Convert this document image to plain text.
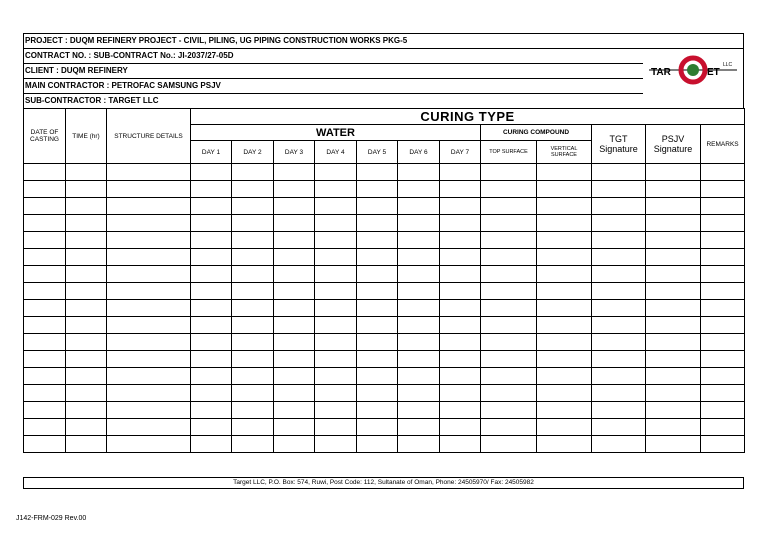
PROJECT : DUQM REFINERY PROJECT - CIVIL, PILING, UG PIPING CONSTRUCTION WORKS PKG-5
CONTRACT NO. : SUB-CONTRACT No.: JI-2037/27-05D
CLIENT : DUQM REFINERY
MAIN CONTRACTOR : PETROFAC SAMSUNG PSJV
SUB-CONTRACTOR : TARGET LLC
TAR	ET
LLC
DATE OF CASTING	TIME (hr)	STRUCTURE DETAILS	CURING TYPE											
			WATER							CURING COMPOUND		TGT Signature	PSJV Signature	REMARKS
			DAY 1	DAY 2	DAY 3	DAY 4	DAY 5	DAY 6	DAY 7	TOP SURFACE	VERTICAL SURFACE			

Target LLC, P.O. Box: 574, Ruwi, Post Code: 112, Sultanate of Oman, Phone: 24505970/ Fax: 24505982
J142-FRM-029 Rev.00
